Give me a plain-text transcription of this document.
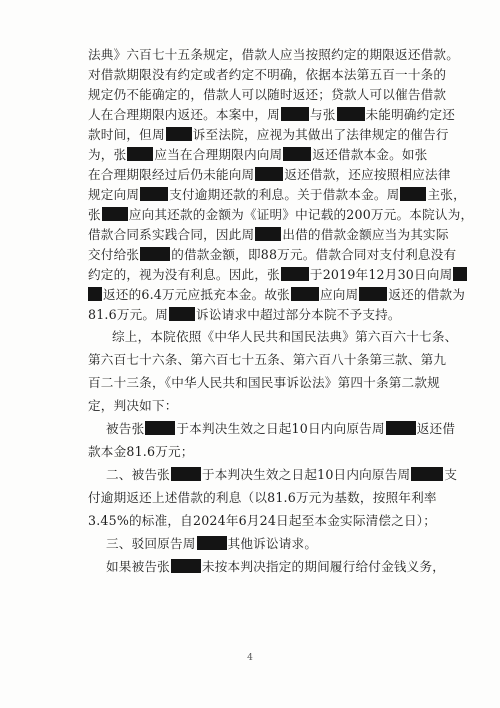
法典》六百七十五条规定，借款人应当按照约定的期限返还借款。
对借款期限没有约定或者约定不明确，依据本法第五百一十条的
规定仍不能确定的，借款人可以随时返还；贷款人可以催告借款
人在合理期限内返还。本案中，周 与张 未能明确约定还
款时间，但周 诉至法院，应视为其做出了法律规定的催告行
为，张 应当在合理期限内向周 返还借款本金。如张
在合理期限经过后仍未能向周 返还借款，还应按照相应法律
规定向周 支付逾期还款的利息。关于借款本金。周 主张，
张 应向其还款的金额为《证明》中记载的200万元。本院认为，
借款合同系实践合同，因此周 出借的借款金额应当为其实际
交付给张	的借款金额，即88万元。借款合同对支付利息没有
约定的，视为没有利息。因此，张 于2019年12月30日向周
返还的6.4万元应抵充本金。故张 应向周 返还的借款为
81.6万元。周 诉讼请求中超过部分本院不予支持。
综上，本院依照《中华人民共和国民法典》第六百六十七条、
第六百七十六条、第六百七十五条、第六百八十条第三款、第九
百二十三条，《中华人民共和国民事诉讼法》第四十条第二款规
定，判决如下：
被告张	于本判决生效之日起10日内向原告周	返还借
款本金81.6万元；
二、被告张	于本判决生效之日起10日内向原告周	支
付逾期返还上述借款的利息（以81.6万元为基数，按照年利率
3.45%的标准，自2024年6月24日起至本金实际清偿之日）；
三、驳回原告周	其他诉讼请求。
如果被告张	未按本判决指定的期间履行给付金钱义务，
4
